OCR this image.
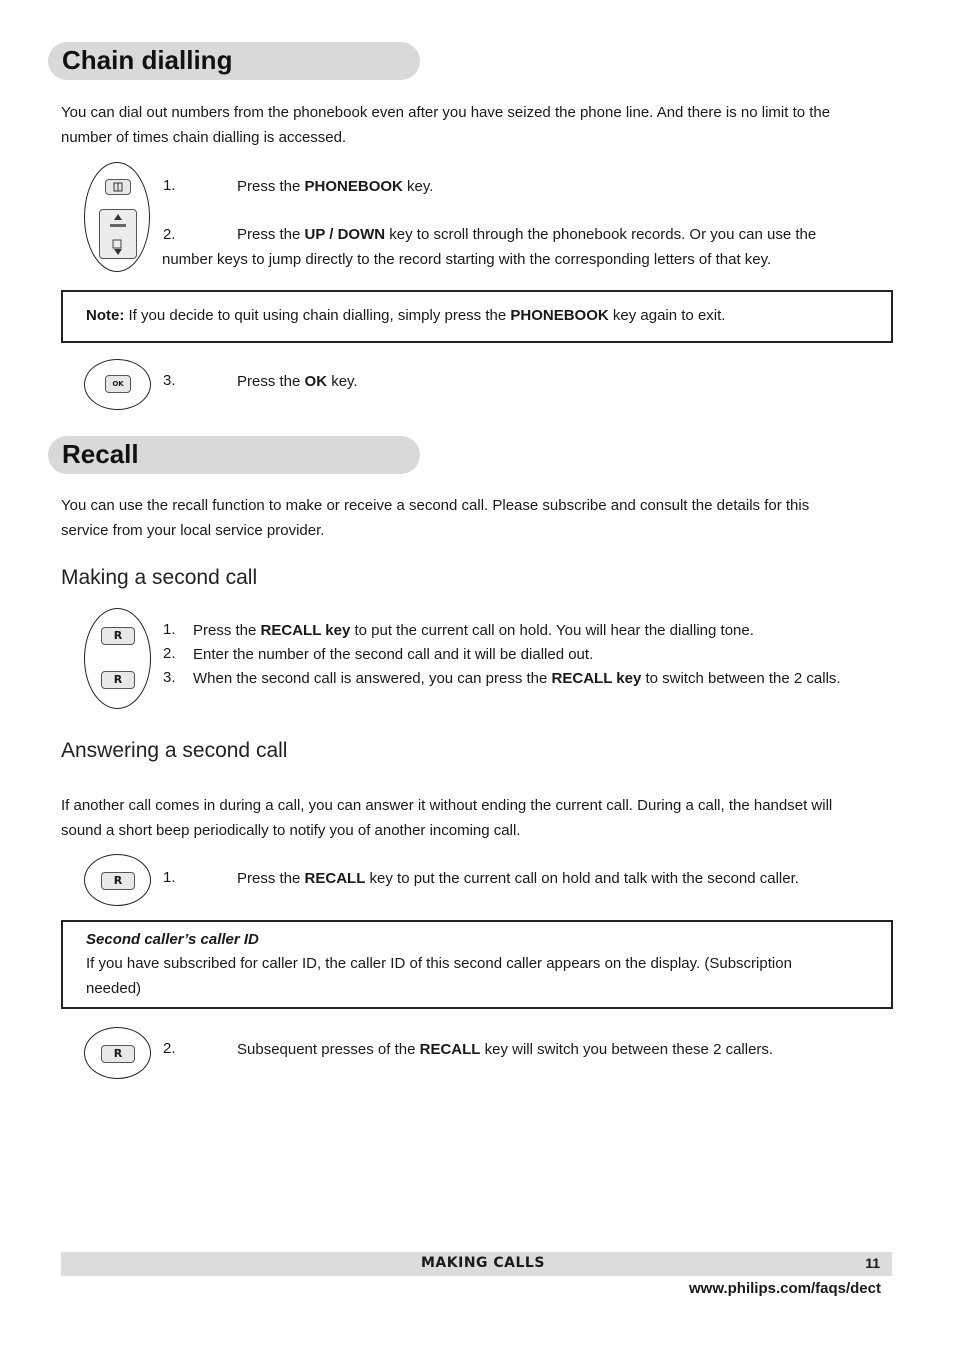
Chain dialling
You can dial out numbers from the phonebook even after you have seized the phone line. And there is no limit to the
number of times chain dialling is accessed.
1.	Press the PHONEBOOK key.
2.	Press the UP / DOWN key to scroll through the phonebook records. Or you can use the
number keys to jump directly to the record starting with the corresponding letters of that key.
Note: If you decide to quit using chain dialling, simply press the PHONEBOOK key again to exit.
OK	3.	Press the OK key.
Recall
You can use the recall function to make or receive a second call. Please subscribe and consult the details for this
service from your local service provider.
Making a second call
R
R
1. Press the RECALL key to put the current call on hold. You will hear the dialling tone.
2. Enter the number of the second call and it will be dialled out.
3. When the second call is answered, you can press the RECALL key to switch between the 2 calls.
Answering a second call
If another call comes in during a call, you can answer it without ending the current call. During a call, the handset will
sound a short beep periodically to notify you of another incoming call.
R	1.	Press the RECALL key to put the current call on hold and talk with the second caller.
Second caller’s caller ID
If you have subscribed for caller ID, the caller ID of this second caller appears on the display. (Subscription
needed)
R	2.	Subsequent presses of the RECALL key will switch you between these 2 callers.
MAKING CALLS	11
www.philips.com/faqs/dect
